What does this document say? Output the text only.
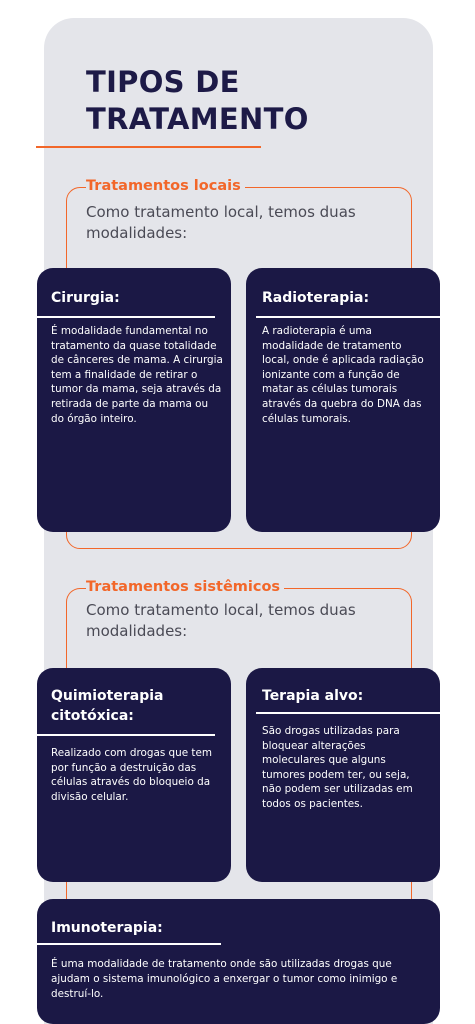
TIPOS DE TRATAMENTO
Tratamentos locais
Como tratamento local, temos duas modalidades:
Cirurgia:
É modalidade fundamental no tratamento da quase totalidade de cânceres de mama. A cirurgia tem a finalidade de retirar o tumor da mama, seja através da retirada de parte da mama ou do órgão inteiro.
Radioterapia:
A radioterapia é uma modalidade de tratamento local, onde é aplicada radiação ionizante com a função de matar as células tumorais através da quebra do DNA das células tumorais.
Tratamentos sistêmicos
Como tratamento local, temos duas modalidades:
Quimioterapia citotóxica:
Realizado com drogas que tem por função a destruição das células através do bloqueio da divisão celular.
Terapia alvo:
São drogas utilizadas para bloquear alterações moleculares que alguns tumores podem ter, ou seja, não podem ser utilizadas em todos os pacientes.
Imunoterapia:
É uma modalidade de tratamento onde são utilizadas drogas que ajudam o sistema imunológico a enxergar o tumor como inimigo e destruí-lo.
